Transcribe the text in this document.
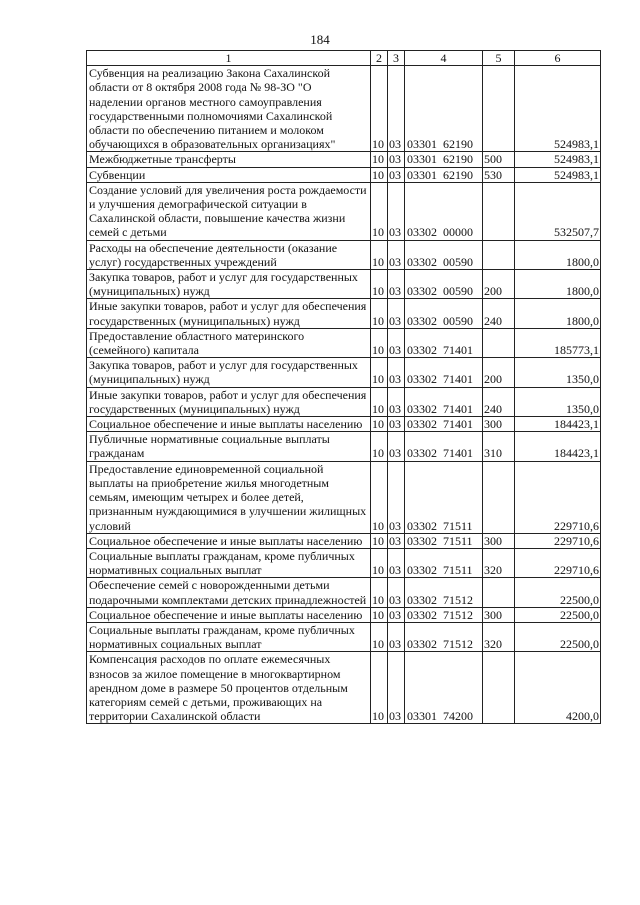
184
1	2	3	4	5	6
Субвенция на реализацию Закона Сахалинской области от 8 октября 2008 года № 98-ЗО "О наделении органов местного самоуправления государственными полномочиями Сахалинской области по обеспечению питанием и молоком обучающихся в образовательных организациях"	10	03	03301  62190		524983,1
Межбюджетные трансферты	10	03	03301  62190	500	524983,1
Субвенции	10	03	03301  62190	530	524983,1
Создание условий для увеличения роста рождаемости и улучшения демографической ситуации в Сахалинской области, повышение качества жизни семей с детьми	10	03	03302  00000		532507,7
Расходы на обеспечение деятельности (оказание услуг) государственных учреждений	10	03	03302  00590		1800,0
Закупка товаров, работ и услуг для государственных (муниципальных) нужд	10	03	03302  00590	200	1800,0
Иные закупки товаров, работ и услуг для обеспечения государственных (муниципальных) нужд	10	03	03302  00590	240	1800,0
Предоставление областного материнского (семейного) капитала	10	03	03302  71401		185773,1
Закупка товаров, работ и услуг для государственных (муниципальных) нужд	10	03	03302  71401	200	1350,0
Иные закупки товаров, работ и услуг для обеспечения государственных (муниципальных) нужд	10	03	03302  71401	240	1350,0
Социальное обеспечение и иные выплаты населению	10	03	03302  71401	300	184423,1
Публичные нормативные социальные выплаты гражданам	10	03	03302  71401	310	184423,1
Предоставление единовременной социальной выплаты на приобретение жилья многодетным семьям, имеющим четырех и более детей, признанным нуждающимися в улучшении жилищных условий	10	03	03302  71511		229710,6
Социальное обеспечение и иные выплаты населению	10	03	03302  71511	300	229710,6
Социальные выплаты гражданам, кроме публичных нормативных социальных выплат	10	03	03302  71511	320	229710,6
Обеспечение семей с новорожденными детьми подарочными комплектами детских принадлежностей	10	03	03302  71512		22500,0
Социальное обеспечение и иные выплаты населению	10	03	03302  71512	300	22500,0
Социальные выплаты гражданам, кроме публичных нормативных социальных выплат	10	03	03302  71512	320	22500,0
Компенсация расходов по оплате ежемесячных взносов за жилое помещение в многоквартирном арендном доме в размере 50 процентов отдельным категориям семей с детьми, проживающих на территории Сахалинской области	10	03	03301  74200		4200,0
